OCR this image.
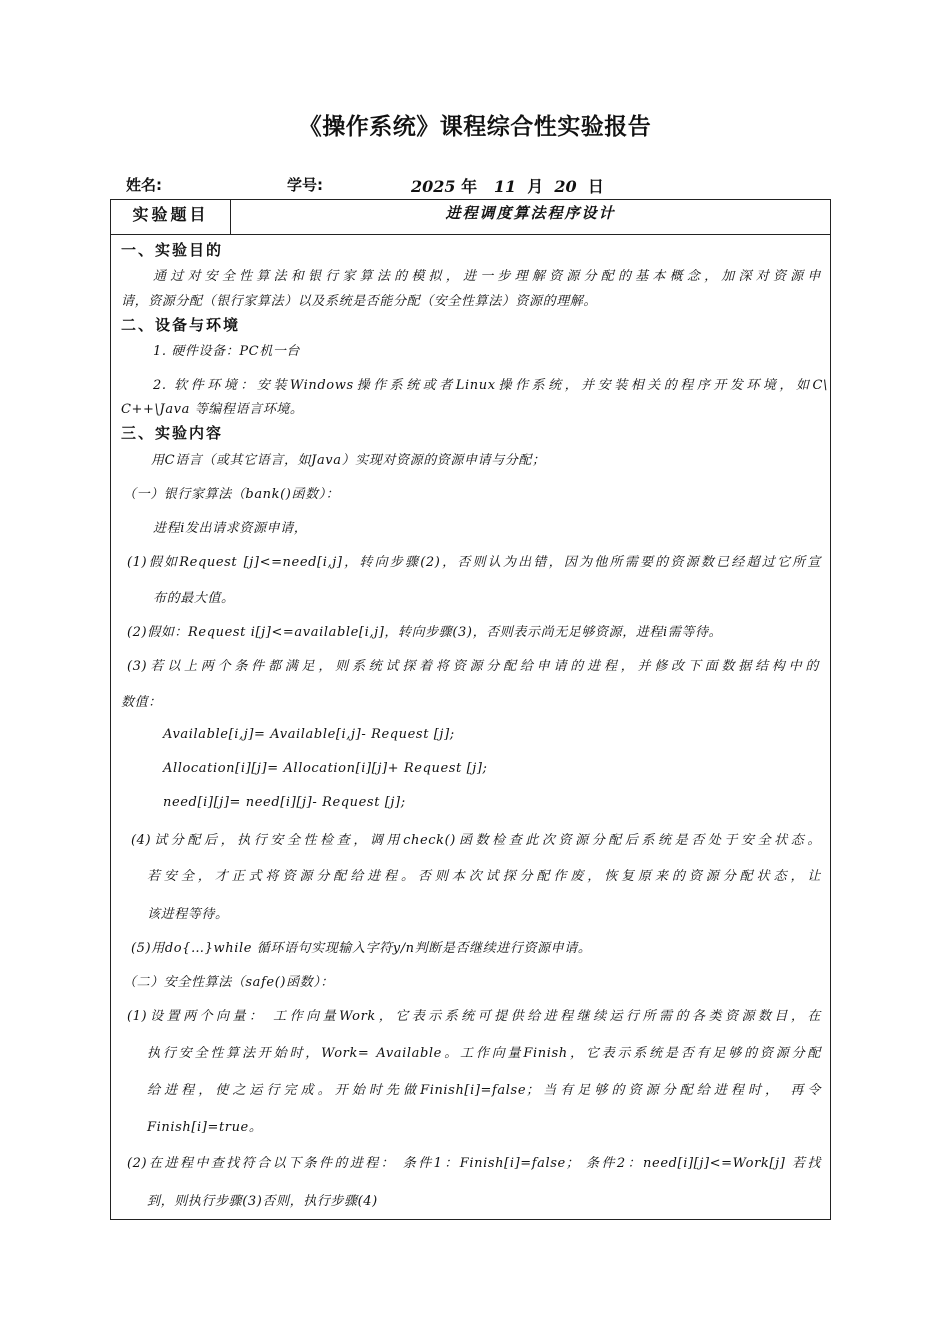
《操作系统》课程综合性实验报告
姓名:	学号:	2025 年 11 月 20 日
实验题目	进程调度算法程序设计
一、实验目的
通过对安全性算法和银行家算法的模拟，进一步理解资源分配的基本概念，加深对资源申
请，资源分配（银行家算法）以及系统是否能分配（安全性算法）资源的理解。
二、设备与环境
1. 硬件设备：PC机一台
2. 软件环境：安装Windows操作系统或者Linux操作系统，并安装相关的程序开发环境，如C\
C++\Java 等编程语言环境。
三、实验内容
用C语言（或其它语言，如Java）实现对资源的资源申请与分配；
（一）银行家算法（bank()函数）：
进程i发出请求资源申请，
(1)假如Request [j]<=need[i,j]，转向步骤(2)，否则认为出错，因为他所需要的资源数已经超过它所宣
布的最大值。
(2)假如：Request i[j]<=available[i,j]，转向步骤(3)，否则表示尚无足够资源，进程i需等待。
(3)若以上两个条件都满足，则系统试探着将资源分配给申请的进程，并修改下面数据结构中的
数值：
Available[i,j]= Available[i,j]- Request [j];
Allocation[i][j]= Allocation[i][j]+ Request [j];
need[i][j]= need[i][j]- Request [j];
(4)试分配后，执行安全性检查，调用check()函数检查此次资源分配后系统是否处于安全状态。
若安全，才正式将资源分配给进程。否则本次试探分配作废，恢复原来的资源分配状态，让
该进程等待。
(5)用do{…}while 循环语句实现输入字符y/n判断是否继续进行资源申请。
（二）安全性算法（safe()函数）：
(1)设置两个向量： 工作向量Work，它表示系统可提供给进程继续运行所需的各类资源数目，在
执行安全性算法开始时，Work= Available。工作向量Finish，它表示系统是否有足够的资源分配
给进程，使之运行完成。开始时先做Finish[i]=false；当有足够的资源分配给进程时， 再令
Finish[i]=true。
(2)在进程中查找符合以下条件的进程： 条件1：Finish[i]=false； 条件2：need[i][j]<=Work[j] 若找
到，则执行步骤(3)否则，执行步骤(4)
